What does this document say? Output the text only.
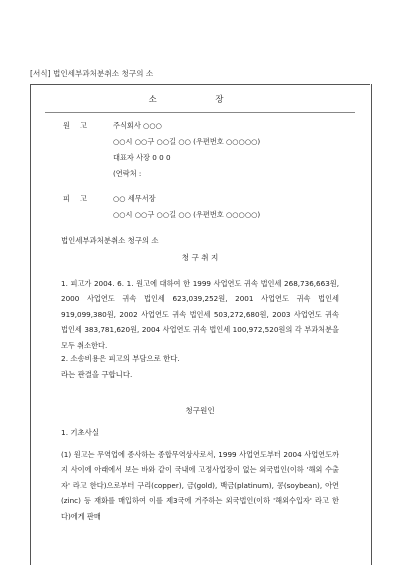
[서식] 법인세부과처분취소 청구의 소
소 장
원 고	주식회사 ○○○
○○시 ○○구 ○○길 ○○ (우편번호 ○○○○○)
대표자 사장 0 0 0
(연락처 :
피 고	○○ 세무서장
○○시 ○○구 ○○길 ○○ (우편번호 ○○○○○)
법인세부과처분취소 청구의 소
청 구 취 지
1. 피고가 2004. 6. 1. 원고에 대하여 한 1999 사업연도 귀속 법인세 268,736,663원, 2000 사업연도 귀속 법인세 623,039,252원, 2001 사업연도 귀속 법인세 919,099,380원, 2002 사업연도 귀속 법인세 503,272,680원, 2003 사업연도 귀속 법인세 383,781,620원, 2004 사업연도 귀속 법인세 100,972,520원의 각 부과처분을 모두 취소한다.
2. 소송비용은 피고의 부담으로 한다.
라는 판결을 구합니다.
청구원인
1. 기초사실
(1) 원고는 무역업에 종사하는 종합무역상사로서, 1999 사업연도부터 2004 사업연도까지 사이에 아래에서 보는 바와 같이 국내에 고정사업장이 없는 외국법인(이하 '해외 수출자' 라고 한다)으로부터 구리(copper), 금(gold), 백금(platinum), 콩(soybean), 아연(zinc) 등 재화를 매입하여 이를 제3국에 거주하는 외국법인(이하 '해외수입자' 라고 한다)에게 판매
